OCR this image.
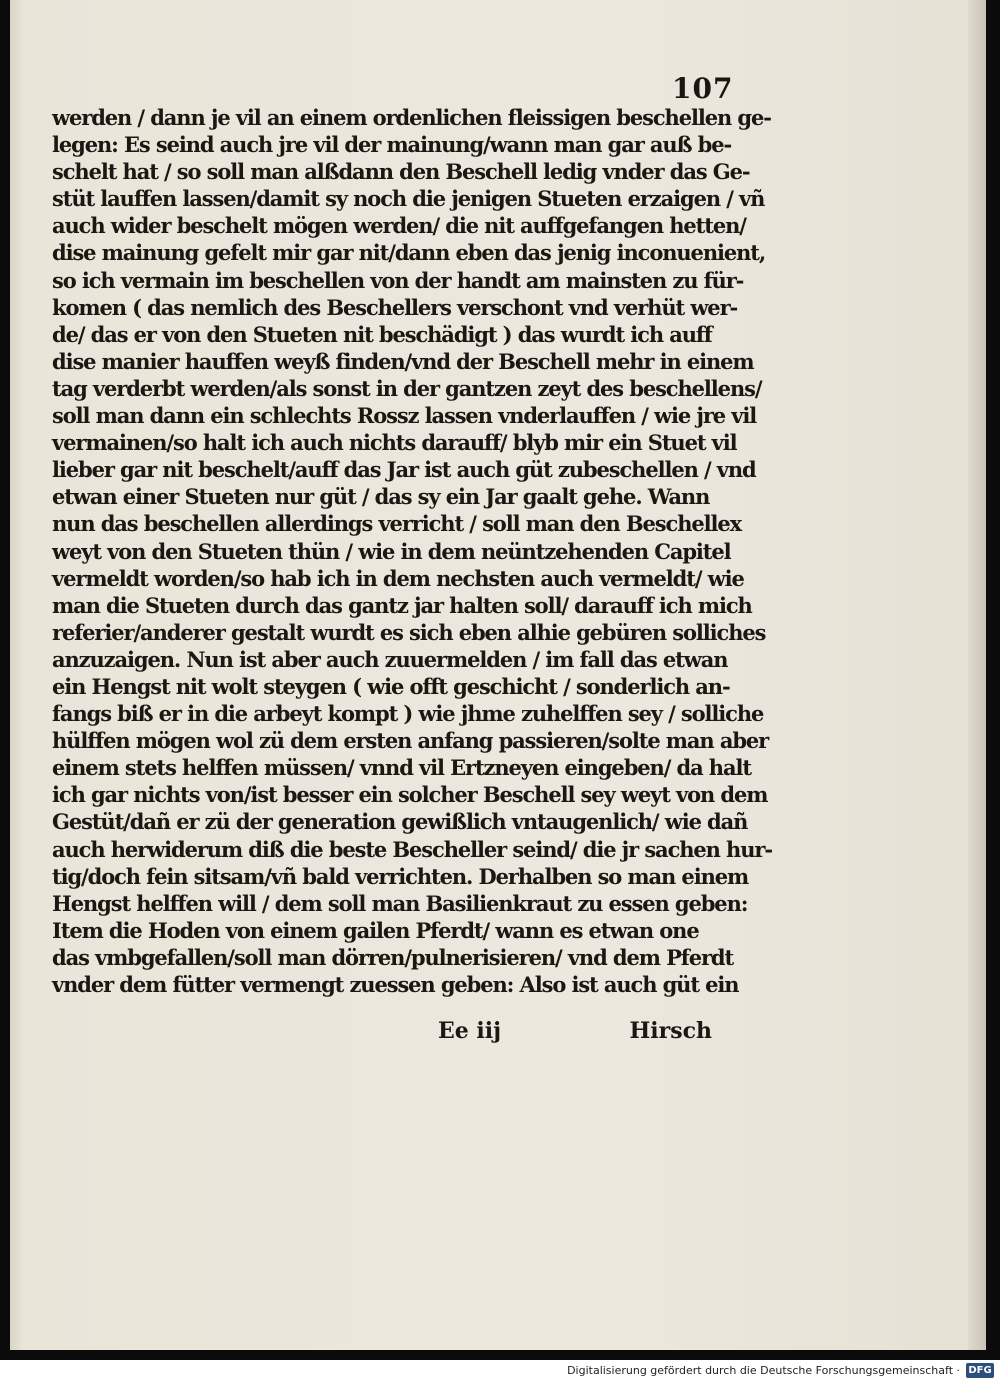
107
werden / dann je vil an einem ordenlichen fleissigen beschellen ge-
legen: Es seind auch jre vil der mainung/wann man gar auß be-
schelt hat / so soll man alßdann den Beschell ledig vnder das Ge-
stüt lauffen lassen/damit sy noch die jenigen Stueten erzaigen / vñ
auch wider beschelt mögen werden/ die nit auffgefangen hetten/
dise mainung gefelt mir gar nit/dann eben das jenig inconuenient,
so ich vermain im beschellen von der handt am mainsten zu für-
komen ( das nemlich des Beschellers verschont vnd verhüt wer-
de/ das er von den Stueten nit beschädigt ) das wurdt ich auff
dise manier hauffen weyß finden/vnd der Beschell mehr in einem
tag verderbt werden/als sonst in der gantzen zeyt des beschellens/
soll man dann ein schlechts Rossz lassen vnderlauffen / wie jre vil
vermainen/so halt ich auch nichts darauff/ blyb mir ein Stuet vil
lieber gar nit beschelt/auff das Jar ist auch güt zubeschellen / vnd
etwan einer Stueten nur güt / das sy ein Jar gaalt gehe. Wann
nun das beschellen allerdings verricht / soll man den Beschellex
weyt von den Stueten thün / wie in dem neüntzehenden Capitel
vermeldt worden/so hab ich in dem nechsten auch vermeldt/ wie
man die Stueten durch das gantz jar halten soll/ darauff ich mich
referier/anderer gestalt wurdt es sich eben alhie gebüren solliches
anzuzaigen. Nun ist aber auch zuuermelden / im fall das etwan
ein Hengst nit wolt steygen ( wie offt geschicht / sonderlich an-
fangs biß er in die arbeyt kompt ) wie jhme zuhelffen sey / solliche
hülffen mögen wol zü dem ersten anfang passieren/solte man aber
einem stets helffen müssen/ vnnd vil Ertzneyen eingeben/ da halt
ich gar nichts von/ist besser ein solcher Beschell sey weyt von dem
Gestüt/dañ er zü der generation gewißlich vntaugenlich/ wie dañ
auch herwiderum diß die beste Bescheller seind/ die jr sachen hur-
tig/doch fein sitsam/vñ bald verrichten. Derhalben so man einem
Hengst helffen will / dem soll man Basilienkraut zu essen geben:
Item die Hoden von einem gailen Pferdt/ wann es etwan one
das vmbgefallen/soll man dörren/pulnerisieren/ vnd dem Pferdt
vnder dem fütter vermengt zuessen geben: Also ist auch güt ein
Ee iij	Hirsch
Digitalisierung gefördert durch die Deutsche Forschungsgemeinschaft · DFG
